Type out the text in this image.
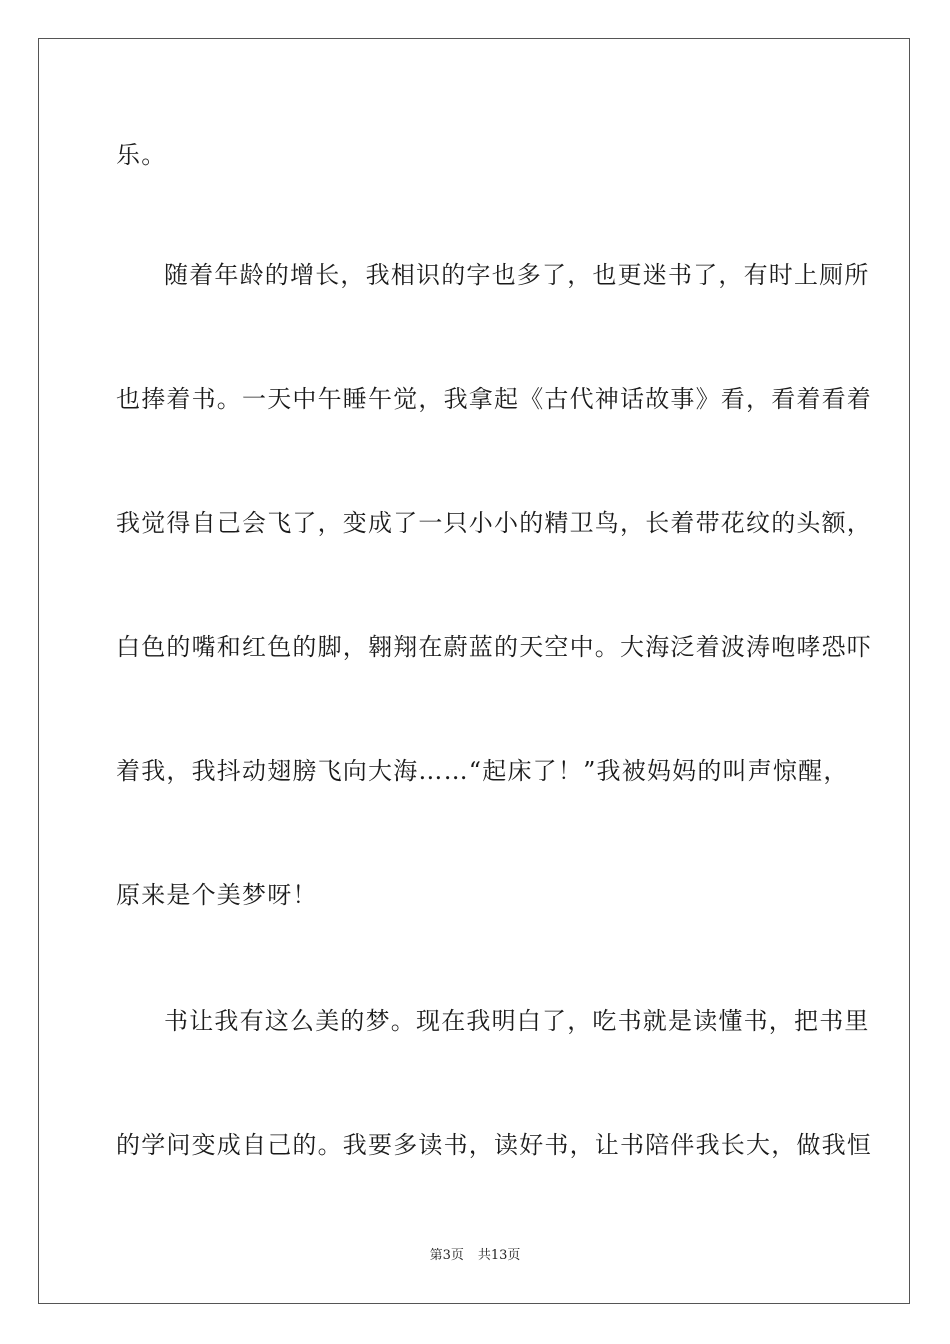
乐。
随着年龄的增长，我相识的字也多了，也更迷书了，有时上厕所
也捧着书。一天中午睡午觉，我拿起《古代神话故事》看，看着看着
我觉得自己会飞了，变成了一只小小的精卫鸟，长着带花纹的头额，
白色的嘴和红色的脚，翱翔在蔚蓝的天空中。大海泛着波涛咆哮恐吓
着我，我抖动翅膀飞向大海……“起床了！”我被妈妈的叫声惊醒，
原来是个美梦呀！
书让我有这么美的梦。现在我明白了，吃书就是读懂书，把书里
的学问变成自己的。我要多读书，读好书，让书陪伴我长大，做我恒
第3页 共13页
